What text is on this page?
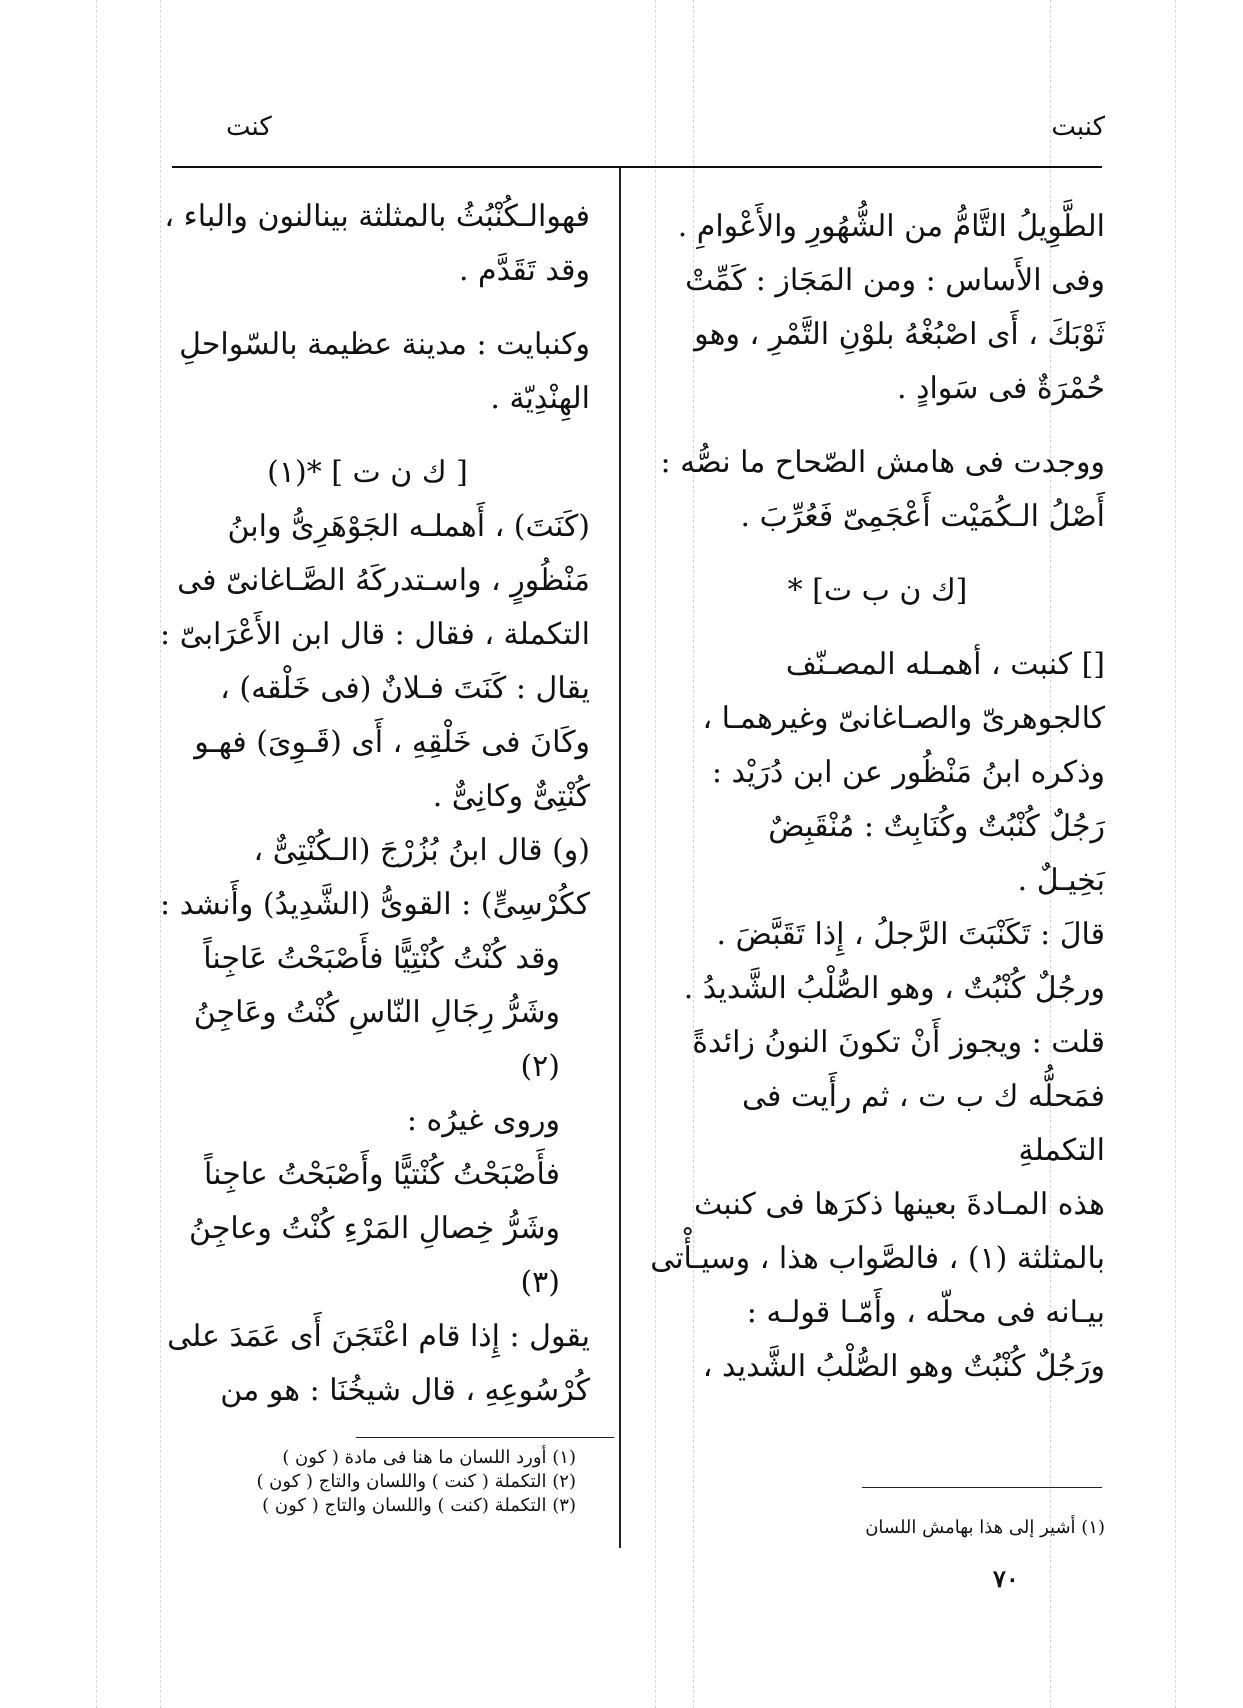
كنبت
كنت

الطَّوِيلُ التَّامُّ من الشُّهُورِ والأَعْوامِ .

وفى الأَساس : ومن المَجَاز : كَمِّتْ

ثَوْبَكَ ، أَى اصْبُغْهُ بلوْنِ التَّمْرِ ، وهو

حُمْرَةٌ فى سَوادٍ .

ووجدت فى هامش الصّحاح ما نصُّه :

أَصْلُ الـكُمَيْت أَعْجَمِىّ فَعُرِّبَ .

[ك ن ب ت] *

[] كنبت ، أهمـله المصـنّف

كالجوهرىّ والصـاغانىّ وغيرهمـا ،

وذكره ابنُ مَنْظُور عن ابن دُرَيْد :

رَجُلٌ كُنْبُتٌ وكُنَابِتٌ : مُنْقَبِضٌ

بَخِيـلٌ .

قالَ : تَكَنْبَتَ الرَّجلُ ، إِذا تَقَبَّضَ .

ورجُلٌ كُنْبُتٌ ، وهو الصُّلْبُ الشَّديدُ .

قلت : ويجوز أَنْ تكونَ النونُ زائدةً

فمَحلُّه ك ب ت ، ثم رأَيت فى التكملةِ

هذه المـادةَ بعينها ذكرَها فى كنبث

بالمثلثة (١) ، فالصَّواب هذا ، وسيـأْتى

بيـانه فى محلّه ، وأَمّـا قولـه :

ورَجُلٌ كُنْبُتٌ وهو الصُّلْبُ الشَّديد ،

فهوالـكُنْبُثُ بالمثلثة بينالنون والباء ،

وقد تَقَدَّم .

وكنبايت : مدينة عظيمة بالسّواحلِ

الهِنْدِيّة .

[ ك ن ت ] *(١)

(كَنَتَ) ، أَهملـه الجَوْهَرِىُّ وابنُ

مَنْظُورٍ ، واسـتدركَهُ الصَّـاغانىّ فى

التكملة ، فقال : قال ابن الأَعْرَابىّ :

يقال : كَنَتَ فـلانٌ (فى خَلْقه) ،

وكَانَ فى خَلْقِهِ ، أَى (قَـوِىَ) فهـو

كُنْتِىٌّ وكانِىٌّ .

(و) قال ابنُ بُزُرْجَ (الـكُنْتِىٌّ ،

ككُرْسِىٍّ) : القوىُّ (الشَّدِيدُ) وأَنشد :

وقد كُنْتُ كُنْتِيًّا فأَصْبَحْتُ عَاجِناً

وشَرُّ رِجَالِ النّاسِ كُنْتُ وعَاجِنُ (٢)

وروى غيرُه :

فأَصْبَحْتُ كُنْتيًّا وأَصْبَحْتُ عاجِناً

وشَرُّ خِصالِ المَرْءِ كُنْتُ وعاجِنُ (٣)

يقول : إِذا قام اعْتَجَنَ أَى عَمَدَ على

كُرْسُوعِهِ ، قال شيخُنَا : هو من

(١) أشير إلى هذا بهامش اللسان
(١) أورد اللسان ما هنا فى مادة ( كون )
(٢) التكملة ( كنت ) واللسان والتاج ( كون )
(٣) التكملة (كنت ) واللسان والتاج ( كون )
٧٠
